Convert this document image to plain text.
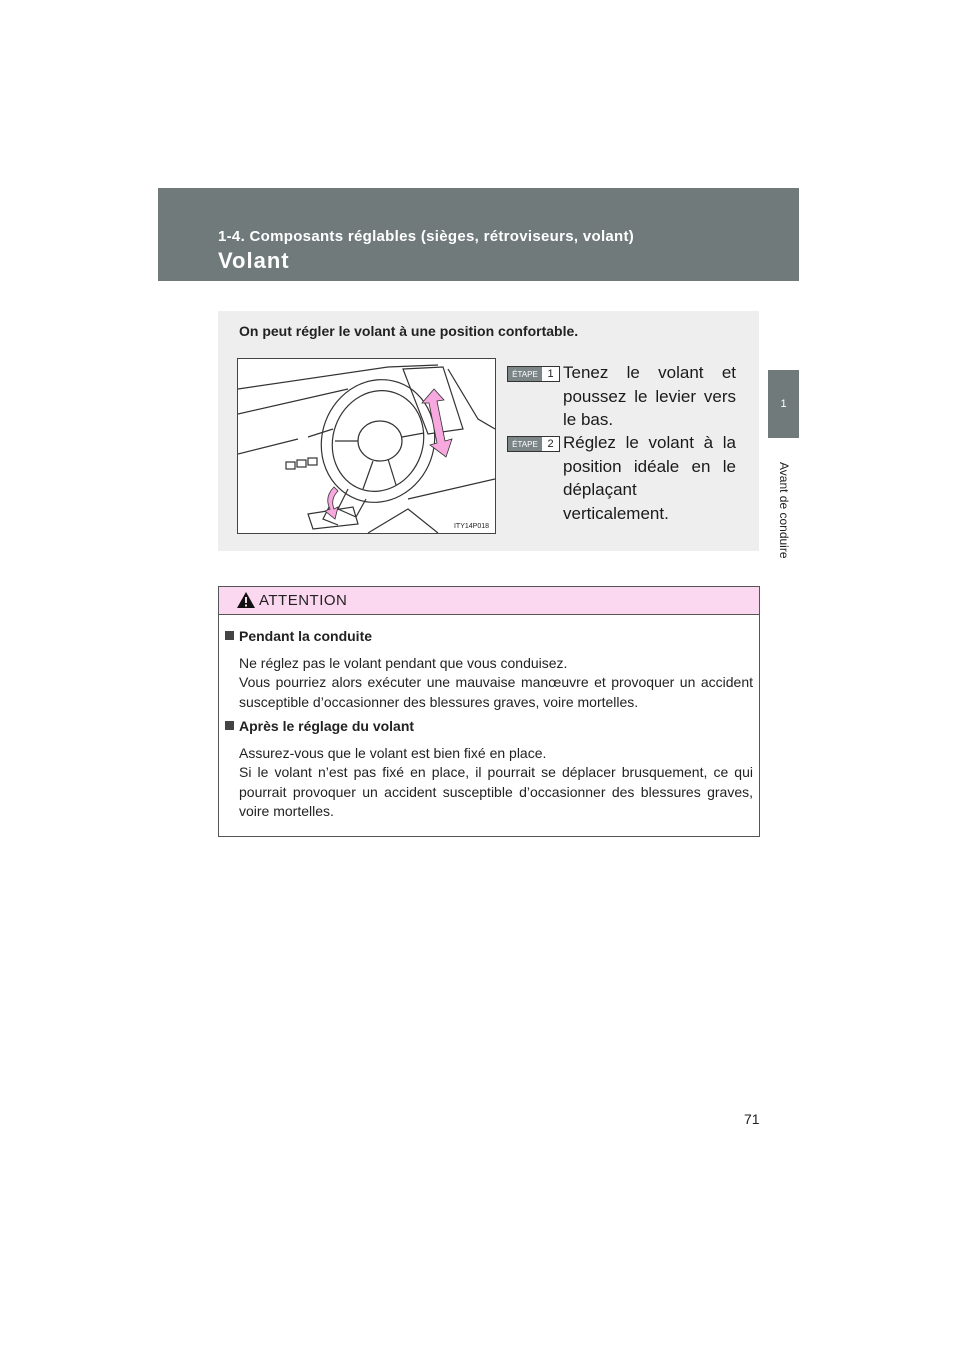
1-4. Composants réglables (sièges, rétroviseurs, volant)
Volant
1
Avant de conduire
On peut régler le volant à une position confortable.
ITY14P018
ÉTAPE 1 Tenez le volant et poussez le levier vers le bas.
ÉTAPE 2 Réglez le volant à la position idéale en le déplaçant verticalement.
ATTENTION
Pendant la conduite
Ne réglez pas le volant pendant que vous conduisez.
Vous pourriez alors exécuter une mauvaise manœuvre et provoquer un accident susceptible d’occasionner des blessures graves, voire mortelles.
Après le réglage du volant
Assurez-vous que le volant est bien fixé en place.
Si le volant n’est pas fixé en place, il pourrait se déplacer brusquement, ce qui pourrait provoquer un accident susceptible d’occasionner des blessures graves, voire mortelles.
71
